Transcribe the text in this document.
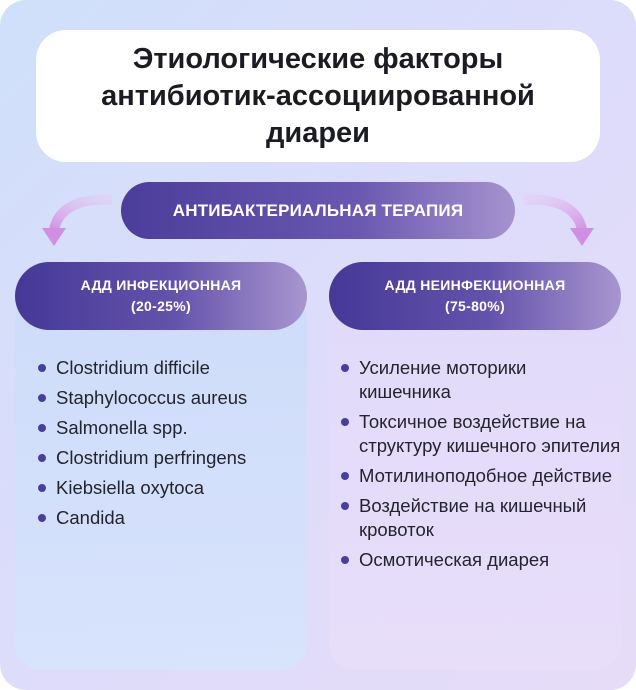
Этиологические факторы
антибиотик-ассоциированной
диареи
АНТИБАКТЕРИАЛЬНАЯ ТЕРАПИЯ
АДД ИНФЕКЦИОННАЯ
(20-25%)
АДД НЕИНФЕКЦИОННАЯ
(75-80%)
Clostridium difficile
Staphylococcus aureus
Salmonella spp.
Clostridium perfringens
Kiebsiella oxytoca
Candida
Усиление моторики кишечника
Токсичное воздействие на структуру кишечного эпителия
Мотилиноподобное действие
Воздействие на кишечный кровоток
Осмотическая диарея
